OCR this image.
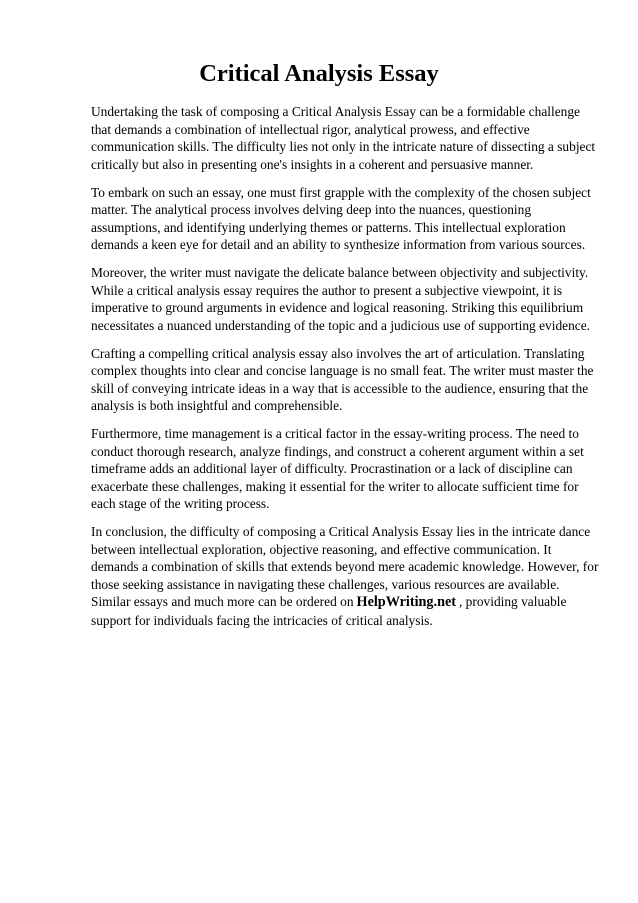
Critical Analysis Essay

Undertaking the task of composing a Critical Analysis Essay can be a formidable challenge that demands a combination of intellectual rigor, analytical prowess, and effective communication skills. The difficulty lies not only in the intricate nature of dissecting a subject critically but also in presenting one's insights in a coherent and persuasive manner.

To embark on such an essay, one must first grapple with the complexity of the chosen subject matter. The analytical process involves delving deep into the nuances, questioning assumptions, and identifying underlying themes or patterns. This intellectual exploration demands a keen eye for detail and an ability to synthesize information from various sources.

Moreover, the writer must navigate the delicate balance between objectivity and subjectivity. While a critical analysis essay requires the author to present a subjective viewpoint, it is imperative to ground arguments in evidence and logical reasoning. Striking this equilibrium necessitates a nuanced understanding of the topic and a judicious use of supporting evidence.

Crafting a compelling critical analysis essay also involves the art of articulation. Translating complex thoughts into clear and concise language is no small feat. The writer must master the skill of conveying intricate ideas in a way that is accessible to the audience, ensuring that the analysis is both insightful and comprehensible.

Furthermore, time management is a critical factor in the essay-writing process. The need to conduct thorough research, analyze findings, and construct a coherent argument within a set timeframe adds an additional layer of difficulty. Procrastination or a lack of discipline can exacerbate these challenges, making it essential for the writer to allocate sufficient time for each stage of the writing process.

In conclusion, the difficulty of composing a Critical Analysis Essay lies in the intricate dance between intellectual exploration, objective reasoning, and effective communication. It demands a combination of skills that extends beyond mere academic knowledge. However, for those seeking assistance in navigating these challenges, various resources are available. Similar essays and much more can be ordered on HelpWriting.net , providing valuable support for individuals facing the intricacies of critical analysis.
